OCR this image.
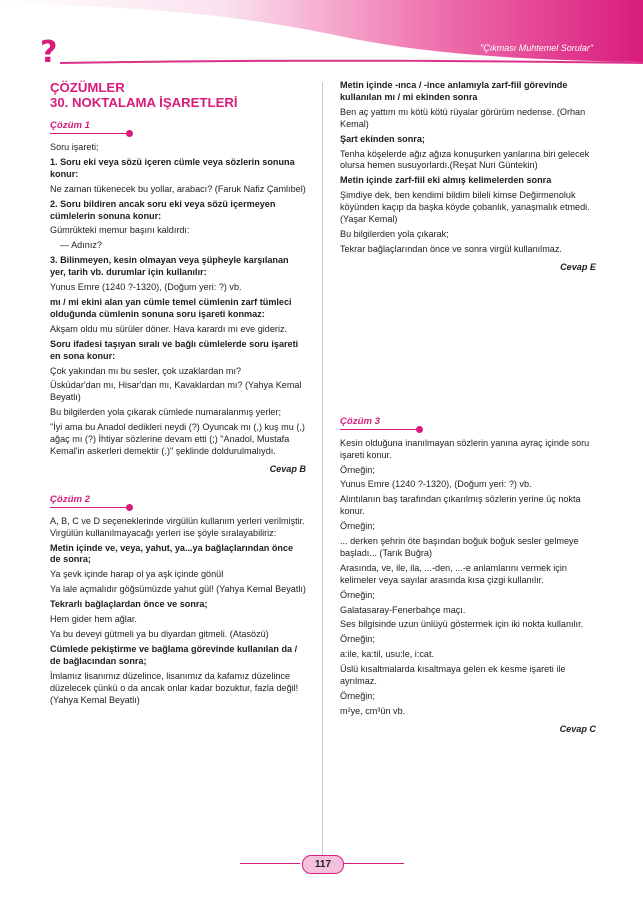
?	"Çıkması Muhtemel Sorular"
ÇÖZÜMLER
30. NOKTALAMA İŞARETLERİ
Çözüm 1

Soru işareti;

1. Soru eki veya sözü içeren cümle veya sözlerin sonuna konur:

Ne zaman tükenecek bu yollar, arabacı? (Faruk Nafiz Çamlıbel)

2. Soru bildiren ancak soru eki veya sözü içermeyen cümlelerin sonuna konur:

Gümrükteki memur başını kaldırdı:

— Adınız?

3. Bilinmeyen, kesin olmayan veya şüpheyle karşılanan yer, tarih vb. durumlar için kullanılır:

Yunus Emre (1240 ?-1320), (Doğum yeri: ?) vb.

mı / mi ekini alan yan cümle temel cümlenin zarf tümleci olduğunda cümlenin sonuna soru işareti konmaz:

Akşam oldu mu sürüler döner. Hava karardı mı eve gideriz.

Soru ifadesi taşıyan sıralı ve bağlı cümlelerde soru işareti en sona konur:

Çok yakından mı bu sesler, çok uzaklardan mı?

Üsküdar'dan mı, Hisar'dan mı, Kavaklardan mı? (Yahya Kemal Beyatlı)

Bu bilgilerden yola çıkarak cümlede numaralanmış yerler;

"İyi ama bu Anadol dedikleri neydi (?) Oyuncak mı (,) kuş mu (,) ağaç mı (?) İhtiyar sözlerine devam etti (;) "Anadol, Mustafa Kemal'in askerleri demektir (.)" şeklinde doldurulmalıydı.

Cevap B

Çözüm 2

A, B, C ve D seçeneklerinde virgülün kullanım yerleri verilmiştir. Virgülün kullanılmayacağı yerleri ise şöyle sıralayabiliriz:

Metin içinde ve, veya, yahut, ya...ya bağlaçlarından önce de sonra;

Ya şevk içinde harap ol ya aşk içinde gönül

Ya lale açmalıdır göğsümüzde yahut gül! (Yahya Kemal Beyatlı)

Tekrarlı bağlaçlardan önce ve sonra;

Hem gider hem ağlar.

Ya bu deveyi gütmeli ya bu diyardan gitmeli. (Atasözü)

Cümlede pekiştirme ve bağlama görevinde kullanılan da / de bağlacından sonra;

İmlamız lisanımız düzelince, lisanımız da kafamız düzelince düzelecek çünkü o da ancak onlar kadar bozuktur, fazla değil! (Yahya Kemal Beyatlı)

Metin içinde -ınca / -ince anlamıyla zarf-fiil görevinde kullanılan mı / mi ekinden sonra

Ben aç yattım mı kötü kötü rüyalar görürüm nedense. (Orhan Kemal)

Şart ekinden sonra;

Tenha köşelerde ağız ağıza konuşurken yanlarına biri gelecek olursa hemen susuyorlardı.(Reşat Nuri Güntekin)

Metin içinde zarf-fiil eki almış kelimelerden sonra

Şimdiye dek, ben kendimi bildim bileli kimse Değirmenoluk köyünden kaçıp da başka köyde çobanlık, yanaşmalık etmedi. (Yaşar Kemal)

Bu bilgilerden yola çıkarak;

Tekrar bağlaçlarından önce ve sonra virgül kullanılmaz.

Cevap E

Çözüm 3

Kesin olduğuna inanılmayan sözlerin yanına ayraç içinde soru işareti konur.

Örneğin;

Yunus Emre (1240 ?-1320), (Doğum yeri: ?) vb.

Alıntılanın baş tarafından çıkarılmış sözlerin yerine üç nokta konur.

Örneğin;

... derken şehrin öte başından boğuk boğuk sesler gelmeye başladı... (Tarık Buğra)

Arasında, ve, ile, ila, ...-den, ...-e anlamlarını vermek için kelimeler veya sayılar arasında kısa çizgi kullanılır.

Örneğin;

Galatasaray-Fenerbahçe maçı.

Ses bilgisinde uzun ünlüyü göstermek için iki nokta kullanılır.

Örneğin;

a:ile, ka:til, usu:le, i:cat.

Üslü kısaltmalarda kısaltmaya gelen ek kesme işareti ile ayrılmaz.

Örneğin;

m²ye, cm³ün vb.

Cevap C

117
